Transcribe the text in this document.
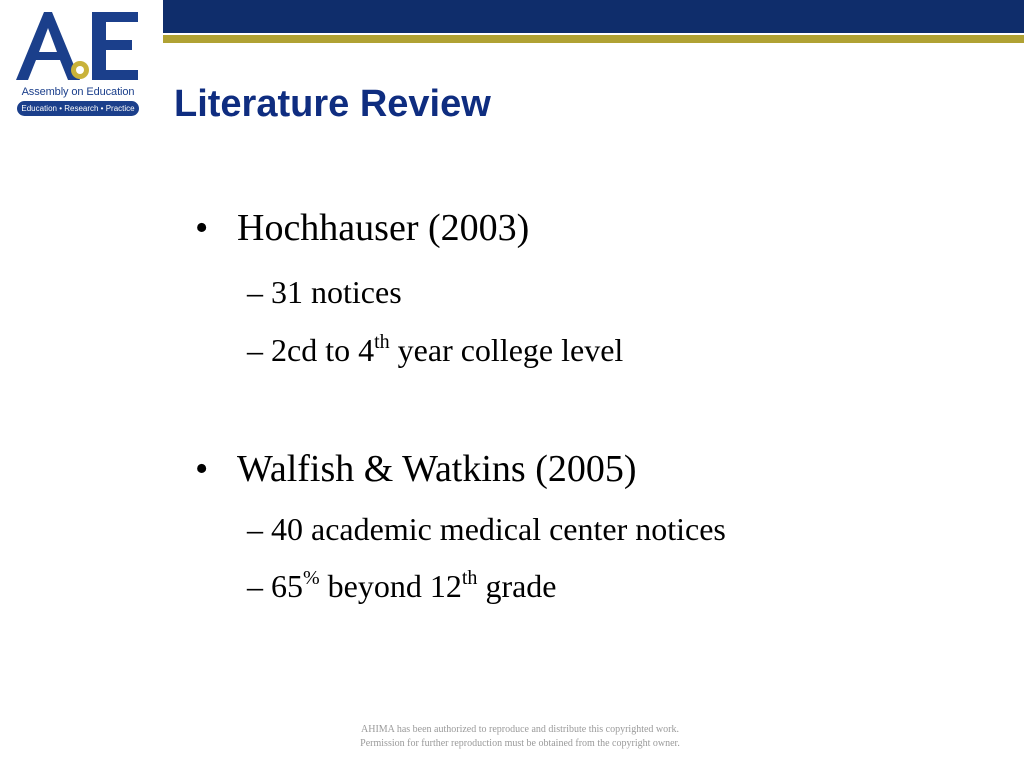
Assembly on Education
Education • Research • Practice Literature Review
• Hochhauser (2003)
– 31 notices
– 2cd to 4th year college level
• Walfish & Watkins (2005)
– 40 academic medical center notices
– 65% beyond 12th grade
AHIMA has been authorized to reproduce and distribute this copyrighted work.
Permission for further reproduction must be obtained from the copyright owner.
